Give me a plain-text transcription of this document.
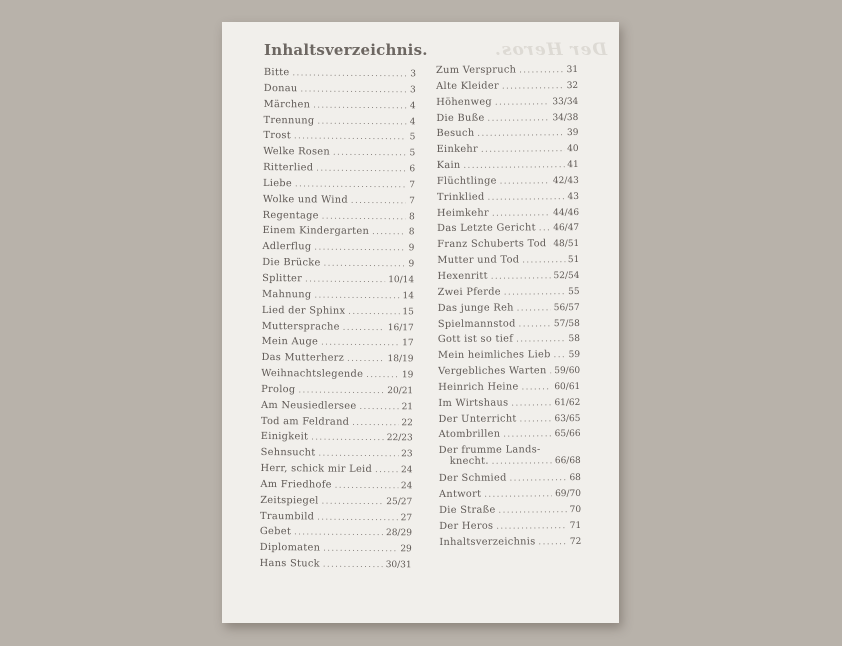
Der Heros.
Inhaltsverzeichnis.
Bitte .....	3
Donau .....	3
Märchen .....	4
Trennung .....	4
Trost .....	5
Welke Rosen .....	5
Ritterlied .....	6
Liebe .....	7
Wolke und Wind .....	7
Regentage .....	8
Einem Kindergarten .....	8
Adlerflug .....	9
Die Brücke .....	9
Splitter .....	10/14
Mahnung .....	14
Lied der Sphinx .....	15
Muttersprache .....	16/17
Mein Auge .....	17
Das Mutterherz .....	18/19
Weihnachtslegende .....	19
Prolog .....	20/21
Am Neusiedlersee .....	21
Tod am Feldrand .....	22
Einigkeit .....	22/23
Sehnsucht .....	23
Herr, schick mir Leid .....	24
Am Friedhofe .....	24
Zeitspiegel .....	25/27
Traumbild .....	27
Gebet .....	28/29
Diplomaten .....	29
Hans Stuck .....	30/31
Zum Verspruch .....	31
Alte Kleider .....	32
Höhenweg .....	33/34
Die Buße .....	34/38
Besuch .....	39
Einkehr .....	40
Kain .....	41
Flüchtlinge .....	42/43
Trinklied .....	43
Heimkehr .....	44/46
Das Letzte Gericht ..... 46/47
Franz Schuberts Tod ..... 48/51
Mutter und Tod .....	51
Hexenritt .....	52/54
Zwei Pferde .....	55
Das junge Reh .....	56/57
Spielmannstod .....	57/58
Gott ist so tief .....	58
Mein heimliches Lieb ..... 59
Vergebliches Warten ..... 59/60
Heinrich Heine .....	60/61
Im Wirtshaus .....	61/62
Der Unterricht .....	63/65
Atombrillen .....	65/66
Der frumme Lands-
knecht. .....	66/68
Der Schmied .....	68
Antwort .....	69/70
Die Straße .....	70
Der Heros .....	71
Inhaltsverzeichnis .....	72
